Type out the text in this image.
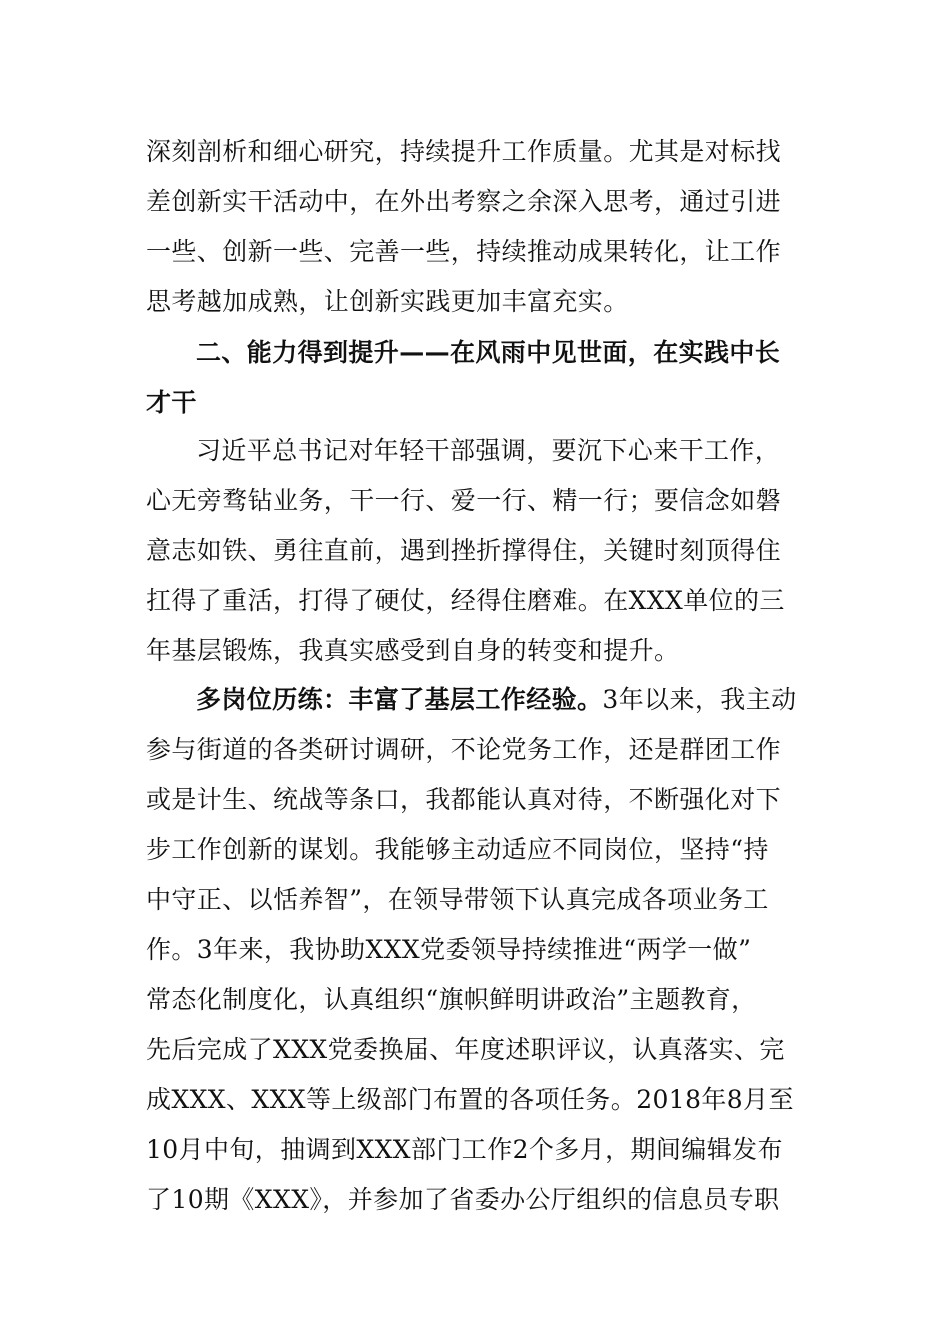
深刻剖析和细心研究，持续提升工作质量。尤其是对标找
差创新实干活动中，在外出考察之余深入思考，通过引进
一些、创新一些、完善一些，持续推动成果转化，让工作
思考越加成熟，让创新实践更加丰富充实。
二、能力得到提升——在风雨中见世面，在实践中长
才干
习近平总书记对年轻干部强调，要沉下心来干工作，
心无旁骛钻业务，干一行、爱一行、精一行；要信念如磐
意志如铁、勇往直前，遇到挫折撑得住，关键时刻顶得住
扛得了重活，打得了硬仗，经得住磨难。在XXX单位的三
年基层锻炼，我真实感受到自身的转变和提升。
多岗位历练：丰富了基层工作经验。 3年以来，我主动
参与街道的各类研讨调研，不论党务工作，还是群团工作
或是计生、统战等条口，我都能认真对待，不断强化对下
步工作创新的谋划。我能够主动适应不同岗位，坚持“持
中守正、以恬养智”，在领导带领下认真完成各项业务工
作。3年来，我协助XXX党委领导持续推进“两学一做”
常态化制度化，认真组织“旗帜鲜明讲政治”主题教育，
先后完成了XXX党委换届、年度述职评议，认真落实、完
成XXX、XXX等上级部门布置的各项任务。2018年8月至
10月中旬，抽调到XXX部门工作2个多月，期间编辑发布
了10期《XXX》，并参加了省委办公厅组织的信息员专职
